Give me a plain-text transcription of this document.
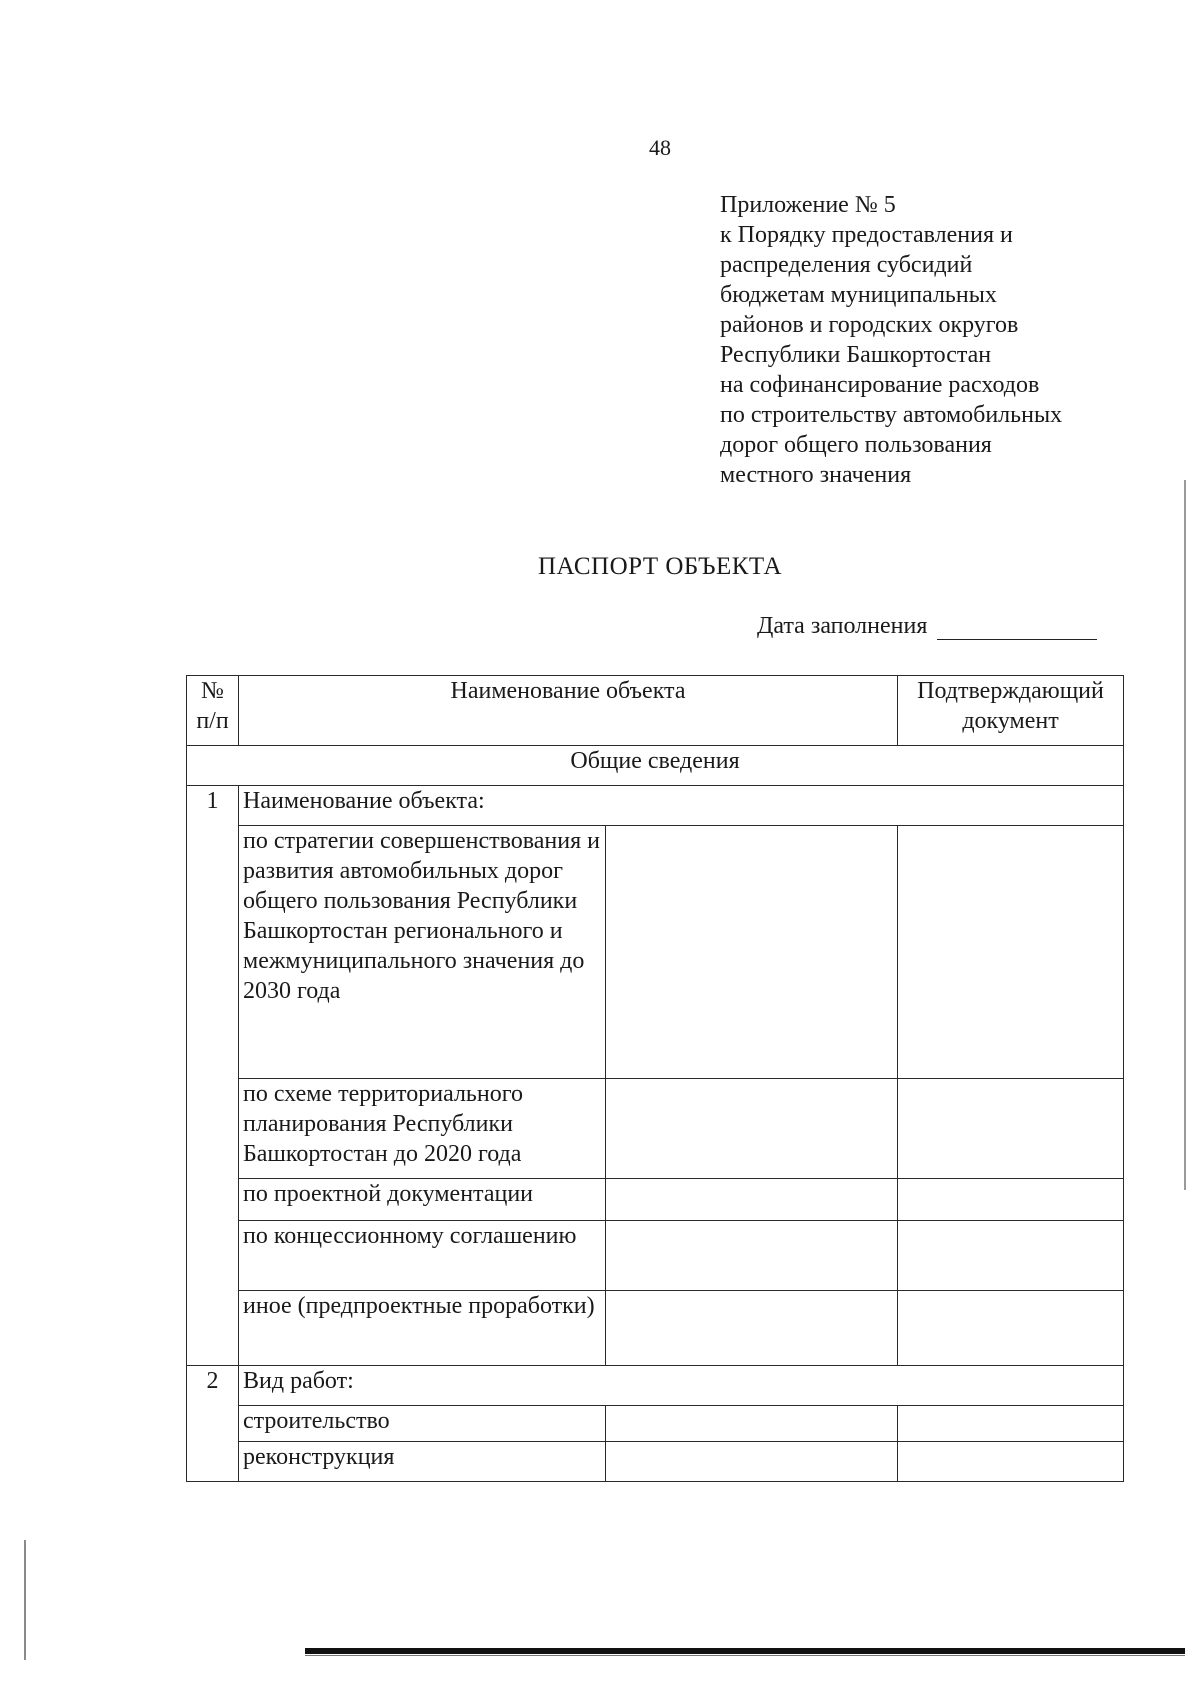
48
Приложение № 5
к Порядку предоставления и
распределения субсидий
бюджетам муниципальных
районов и городских округов
Республики Башкортостан
на софинансирование расходов
по строительству автомобильных
дорог общего пользования
местного значения
ПАСПОРТ ОБЪЕКТА
Дата заполнения
№ п/п	Наименование объекта		Подтверждающий документ
Общие сведения			
1	Наименование объекта:		
	по стратегии совершенствования и развития автомобильных дорог общего пользования Республики Башкортостан регионального и межмуниципального значения до 2030 года		
	по схеме территориального планирования Республики Башкортостан до 2020 года		
	по проектной документации		
	по концессионному соглашению		
	иное (предпроектные проработки)		
2	Вид работ:		
	строительство		
	реконструкция		
